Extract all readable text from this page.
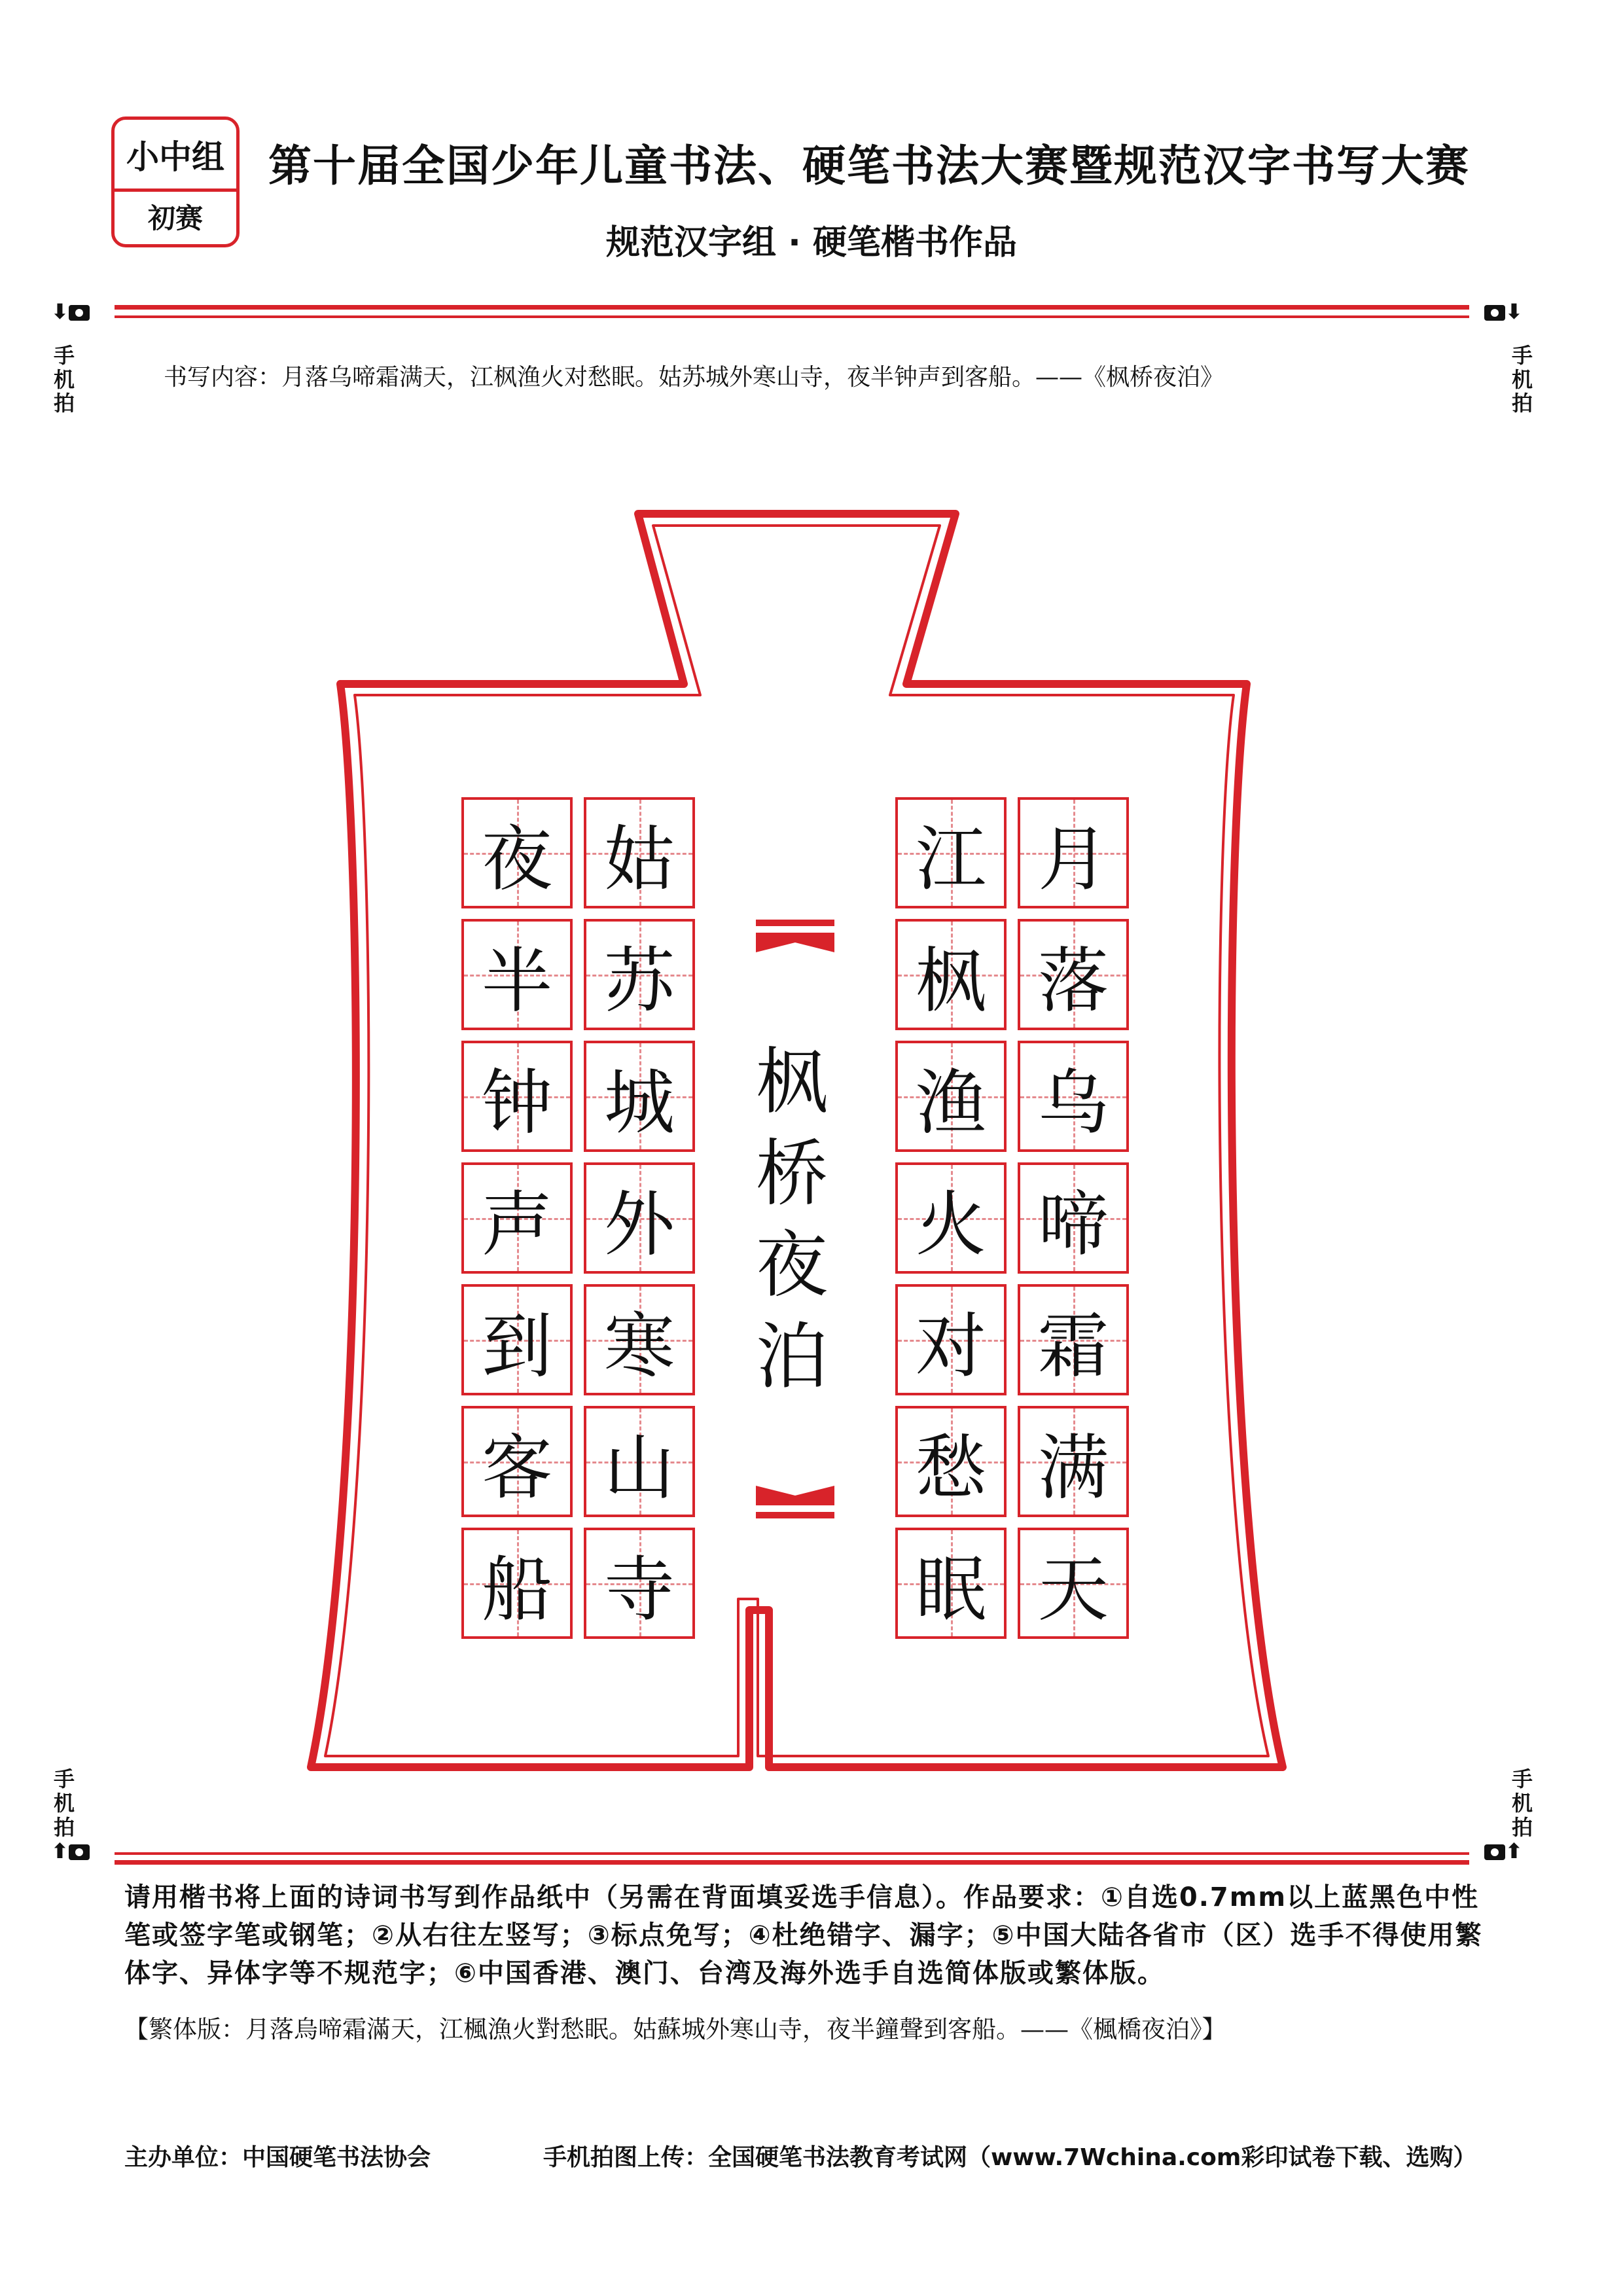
小中组
初赛
第十届全国少年儿童书法、硬笔书法大赛暨规范汉字书写大赛
规范汉字组 · 硬笔楷书作品
⬇
手机拍
⬇
手机拍
手机拍
⬆
手机拍
⬆
书写内容：月落乌啼霜满天，江枫渔火对愁眠。姑苏城外寒山寺，夜半钟声到客船。——《枫桥夜泊》
月
落
乌
啼
霜
满
天
江
枫
渔
火
对
愁
眠
姑
苏
城
外
寒
山
寺
夜
半
钟
声
到
客
船
枫
桥
夜
泊
请用楷书将上面的诗词书写到作品纸中（另需在背面填妥选手信息）。作品要求：①自选0.7mm以上蓝黑色中性笔或签字笔或钢笔；②从右往左竖写；③标点免写；④杜绝错字、漏字；⑤中国大陆各省市（区）选手不得使用繁体字、异体字等不规范字；⑥中国香港、澳门、台湾及海外选手自选简体版或繁体版。
【繁体版：月落烏啼霜滿天，江楓漁火對愁眠。姑蘇城外寒山寺，夜半鐘聲到客船。——《楓橋夜泊》】
主办单位：中国硬笔书法协会	手机拍图上传：全国硬笔书法教育考试网（www.7Wchina.com彩印试卷下载、选购）
